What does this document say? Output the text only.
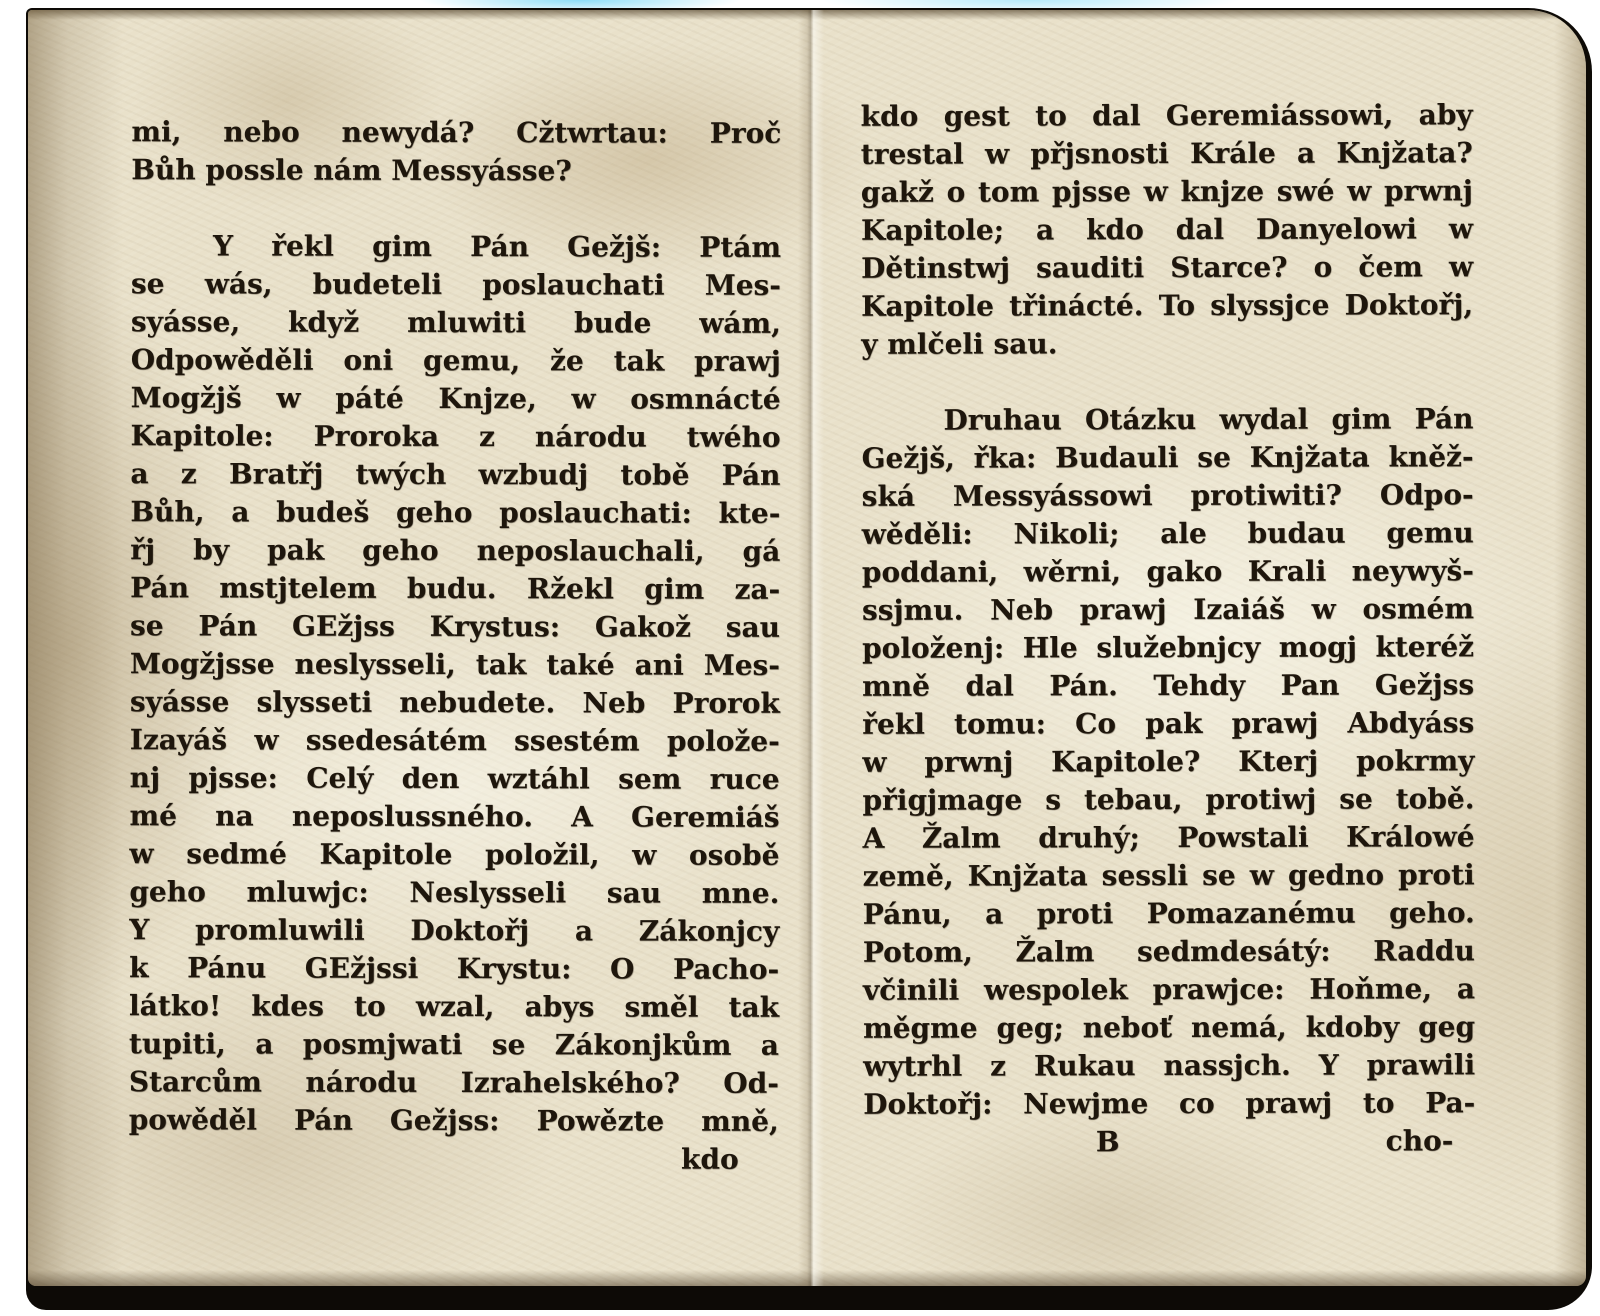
mi, nebo newydá? Cžtwrtau: Proč
Bůh possle nám Messyásse?
Y řekl gim Pán Gežjš: Ptám
se wás, budeteli poslauchati Mes-
syásse, když mluwiti bude wám,
Odpowěděli oni gemu, že tak prawj
Mogžjš w páté Knjze, w osmnácté
Kapitole: Proroka z národu twého
a z Bratřj twých wzbudj tobě Pán
Bůh, a budeš geho poslauchati: kte-
řj by pak geho neposlauchali, gá
Pán mstjtelem budu. Ržekl gim za-
se Pán GEžjss Krystus: Gakož sau
Mogžjsse neslysseli, tak také ani Mes-
syásse slysseti nebudete. Neb Prorok
Izayáš w ssedesátém ssestém polože-
nj pjsse: Celý den wztáhl sem ruce
mé na neposlussného. A Geremiáš
w sedmé Kapitole položil, w osobě
geho mluwjc: Neslysseli sau mne.
Y promluwili Doktořj a Zákonjcy
k Pánu GEžjssi Krystu: O Pacho-
látko! kdes to wzal, abys směl tak
tupiti, a posmjwati se Zákonjkům a
Starcům národu Izrahelského? Od-
powěděl Pán Gežjss: Powězte mně,
kdo
kdo gest to dal Geremiássowi, aby
trestal w přjsnosti Krále a Knjžata?
gakž o tom pjsse w knjze swé w prwnj
Kapitole; a kdo dal Danyelowi w
Dětinstwj sauditi Starce? o čem w
Kapitole třinácté. To slyssjce Doktořj,
y mlčeli sau.
Druhau Otázku wydal gim Pán
Gežjš, řka: Budauli se Knjžata kněž-
ská Messyássowi protiwiti? Odpo-
wěděli: Nikoli; ale budau gemu
poddani, wěrni, gako Krali neywyš-
ssjmu. Neb prawj Izaiáš w osmém
položenj: Hle služebnjcy mogj kteréž
mně dal Pán. Tehdy Pan Gežjss
řekl tomu: Co pak prawj Abdyáss
w prwnj Kapitole? Kterj pokrmy
přigjmage s tebau, protiwj se tobě.
A Žalm druhý; Powstali Králowé
země, Knjžata sessli se w gedno proti
Pánu, a proti Pomazanému geho.
Potom, Žalm sedmdesátý: Raddu
včinili wespolek prawjce: Hoňme, a
měgme geg; neboť nemá, kdoby geg
wytrhl z Rukau nassjch. Y prawili
Doktořj: Newjme co prawj to Pa-
B	cho-
